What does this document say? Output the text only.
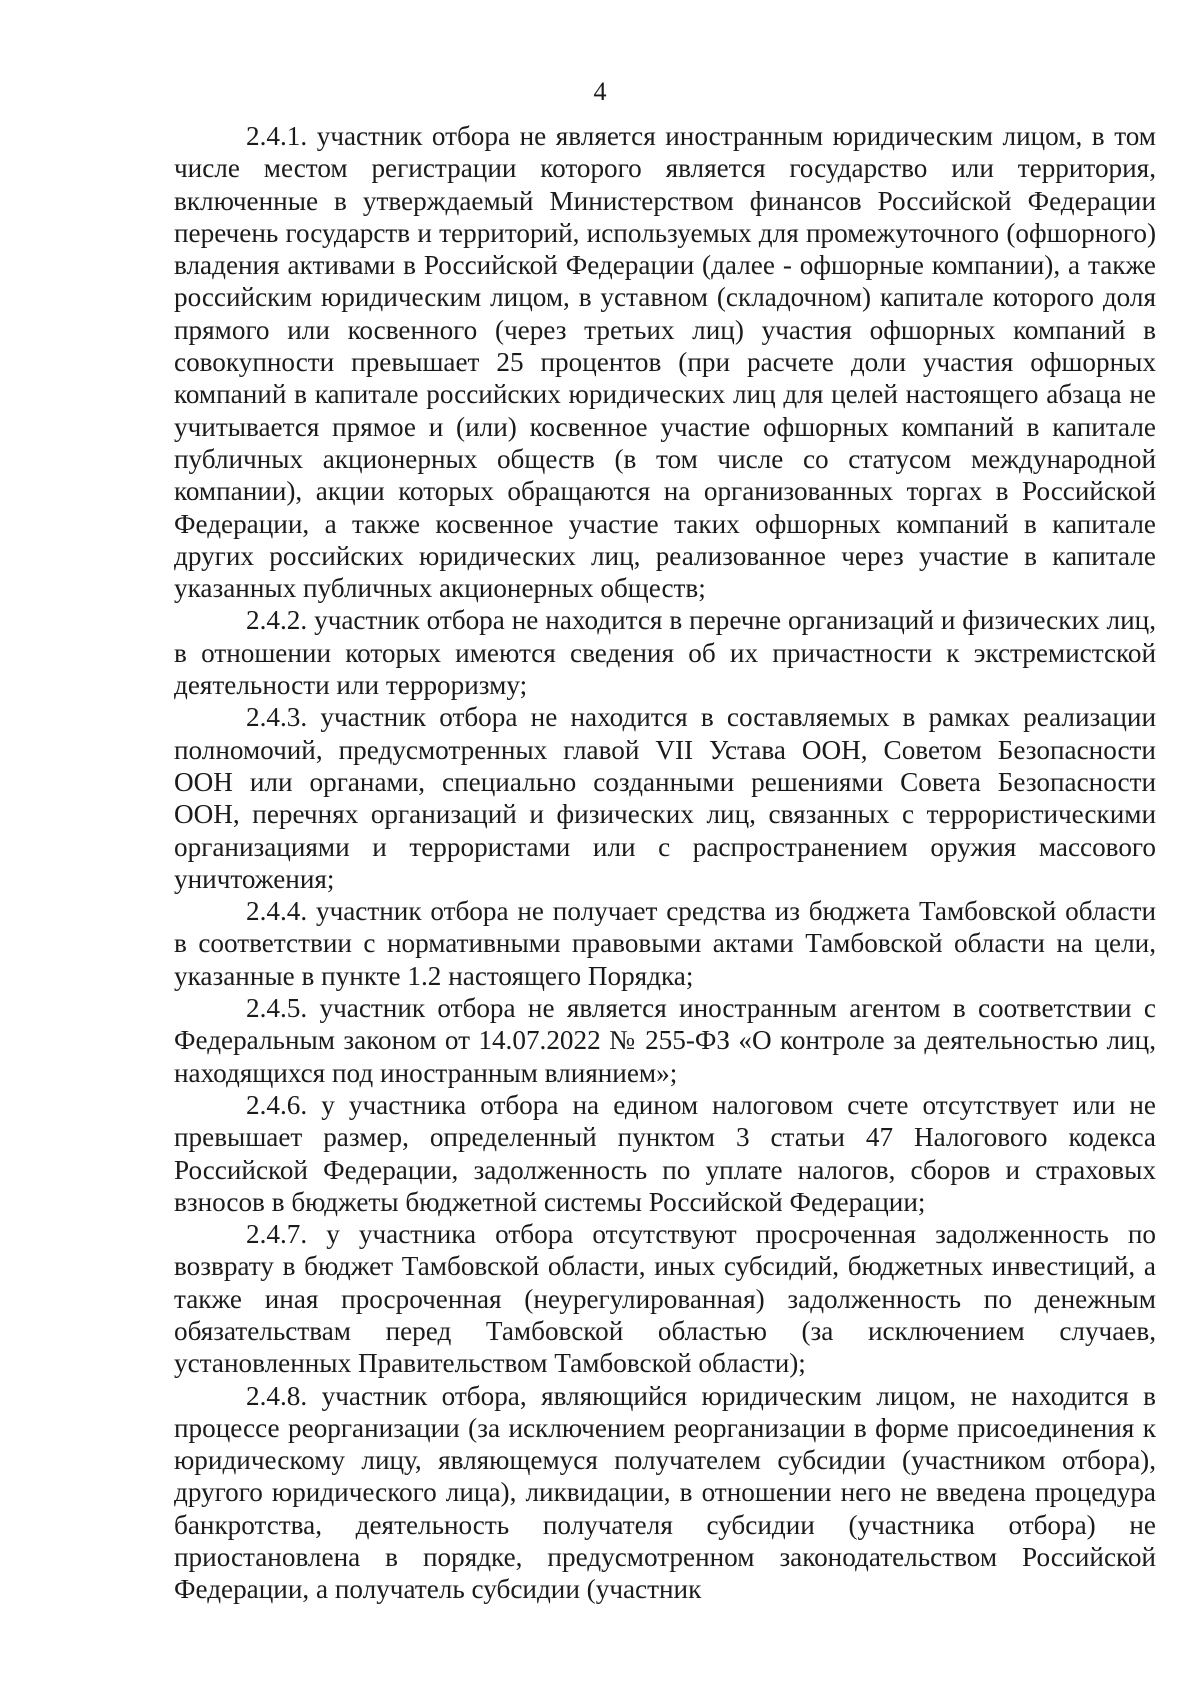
4

2.4.1. участник отбора не является иностранным юридическим лицом, в том числе местом регистрации которого является государство или территория, включенные в утверждаемый Министерством финансов Российской Федерации перечень государств и территорий, используемых для промежуточного (офшорного) владения активами в Российской Федерации (далее - офшорные компании), а также российским юридическим лицом, в уставном (складочном) капитале которого доля прямого или косвенного (через третьих лиц) участия офшорных компаний в совокупности превышает 25 процентов (при расчете доли участия офшорных компаний в капитале российских юридических лиц для целей настоящего абзаца не учитывается прямое и (или) косвенное участие офшорных компаний в капитале публичных акционерных обществ (в том числе со статусом международной компании), акции которых обращаются на организованных торгах в Российской Федерации, а также косвенное участие таких офшорных компаний в капитале других российских юридических лиц, реализованное через участие в капитале указанных публичных акционерных обществ;

2.4.2. участник отбора не находится в перечне организаций и физических лиц, в отношении которых имеются сведения об их причастности к экстремистской деятельности или терроризму;

2.4.3. участник отбора не находится в составляемых в рамках реализации полномочий, предусмотренных главой VII Устава ООН, Советом Безопасности ООН или органами, специально созданными решениями Совета Безопасности ООН, перечнях организаций и физических лиц, связанных с террористическими организациями и террористами или с распространением оружия массового уничтожения;

2.4.4. участник отбора не получает средства из бюджета Тамбовской области в соответствии с нормативными правовыми актами Тамбовской области на цели, указанные в пункте 1.2 настоящего Порядка;

2.4.5. участник отбора не является иностранным агентом в соответствии с Федеральным законом от 14.07.2022 № 255-ФЗ «О контроле за деятельностью лиц, находящихся под иностранным влиянием»;

2.4.6. у участника отбора на едином налоговом счете отсутствует или не превышает размер, определенный пунктом 3 статьи 47 Налогового кодекса Российской Федерации, задолженность по уплате налогов, сборов и страховых взносов в бюджеты бюджетной системы Российской Федерации;

2.4.7. у участника отбора отсутствуют просроченная задолженность по возврату в бюджет Тамбовской области, иных субсидий, бюджетных инвестиций, а также иная просроченная (неурегулированная) задолженность по денежным обязательствам перед Тамбовской областью (за исключением случаев, установленных Правительством Тамбовской области);

2.4.8. участник отбора, являющийся юридическим лицом, не находится в процессе реорганизации (за исключением реорганизации в форме присоединения к юридическому лицу, являющемуся получателем субсидии (участником отбора), другого юридического лица), ликвидации, в отношении него не введена процедура банкротства, деятельность получателя субсидии (участника отбора) не приостановлена в порядке, предусмотренном законодательством Российской Федерации, а получатель субсидии (участник
